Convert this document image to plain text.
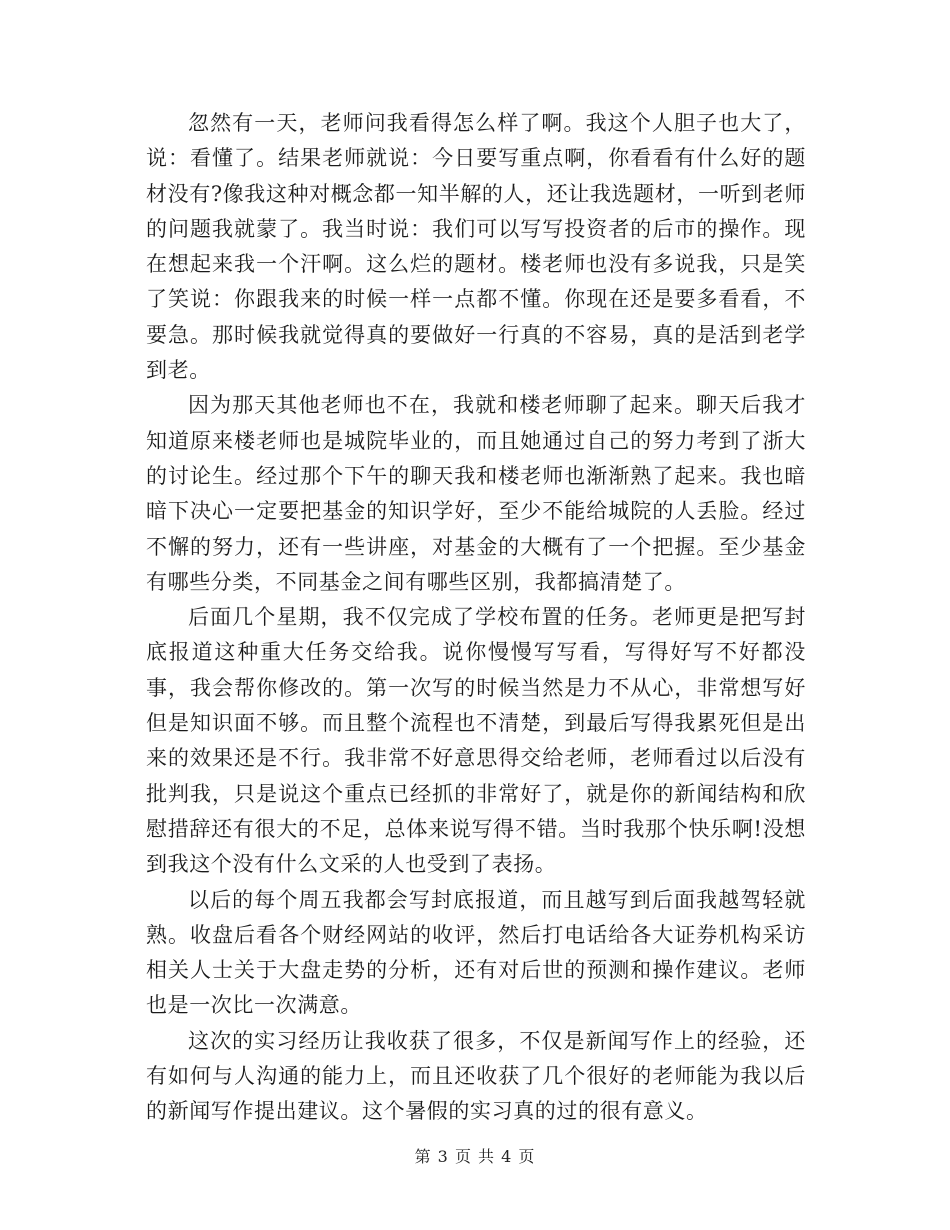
忽然有一天，老师问我看得怎么样了啊。我这个人胆子也大了，说：看懂了。结果老师就说：今日要写重点啊，你看看有什么好的题材没有?像我这种对概念都一知半解的人，还让我选题材，一听到老师的问题我就蒙了。我当时说：我们可以写写投资者的后市的操作。现在想起来我一个汗啊。这么烂的题材。楼老师也没有多说我，只是笑了笑说：你跟我来的时候一样一点都不懂。你现在还是要多看看，不要急。那时候我就觉得真的要做好一行真的不容易，真的是活到老学到老。

因为那天其他老师也不在，我就和楼老师聊了起来。聊天后我才知道原来楼老师也是城院毕业的，而且她通过自己的努力考到了浙大的讨论生。经过那个下午的聊天我和楼老师也渐渐熟了起来。我也暗暗下决心一定要把基金的知识学好，至少不能给城院的人丢脸。经过不懈的努力，还有一些讲座，对基金的大概有了一个把握。至少基金有哪些分类，不同基金之间有哪些区别，我都搞清楚了。

后面几个星期，我不仅完成了学校布置的任务。老师更是把写封底报道这种重大任务交给我。说你慢慢写写看，写得好写不好都没事，我会帮你修改的。第一次写的时候当然是力不从心，非常想写好但是知识面不够。而且整个流程也不清楚，到最后写得我累死但是出来的效果还是不行。我非常不好意思得交给老师，老师看过以后没有批判我，只是说这个重点已经抓的非常好了，就是你的新闻结构和欣慰措辞还有很大的不足，总体来说写得不错。当时我那个快乐啊!没想到我这个没有什么文采的人也受到了表扬。

以后的每个周五我都会写封底报道，而且越写到后面我越驾轻就熟。收盘后看各个财经网站的收评，然后打电话给各大证券机构采访相关人士关于大盘走势的分析，还有对后世的预测和操作建议。老师也是一次比一次满意。

这次的实习经历让我收获了很多，不仅是新闻写作上的经验，还有如何与人沟通的能力上，而且还收获了几个很好的老师能为我以后的新闻写作提出建议。这个暑假的实习真的过的很有意义。

第 3 页 共 4 页
